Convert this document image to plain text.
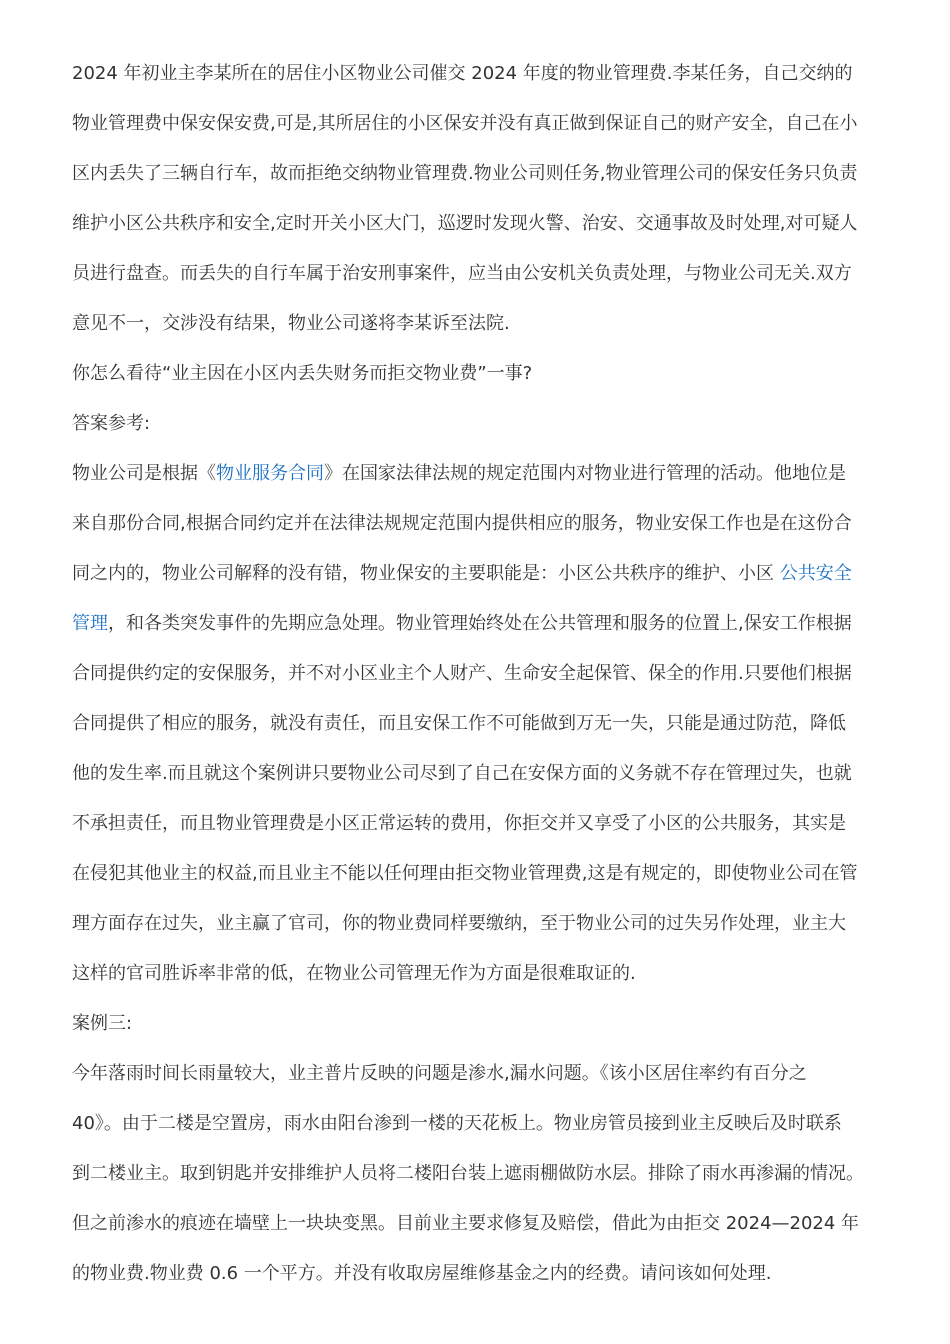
2024 年初业主李某所在的居住小区物业公司催交 2024 年度的物业管理费.李某任务，自己交纳的
物业管理费中保安保安费,可是,其所居住的小区保安并没有真正做到保证自己的财产安全，自己在小
区内丢失了三辆自行车，故而拒绝交纳物业管理费.物业公司则任务,物业管理公司的保安任务只负责
维护小区公共秩序和安全,定时开关小区大门，巡逻时发现火警、治安、交通事故及时处理,对可疑人
员进行盘查。而丢失的自行车属于治安刑事案件，应当由公安机关负责处理，与物业公司无关.双方
意见不一，交涉没有结果，物业公司遂将李某诉至法院.
你怎么看待“业主因在小区内丢失财务而拒交物业费”一事?
答案参考:
物业公司是根据《物业服务合同》在国家法律法规的规定范围内对物业进行管理的活动。他地位是
来自那份合同,根据合同约定并在法律法规规定范围内提供相应的服务，物业安保工作也是在这份合
同之内的，物业公司解释的没有错，物业保安的主要职能是：小区公共秩序的维护、小区 公共安全
管理，和各类突发事件的先期应急处理。物业管理始终处在公共管理和服务的位置上,保安工作根据
合同提供约定的安保服务，并不对小区业主个人财产、生命安全起保管、保全的作用.只要他们根据
合同提供了相应的服务，就没有责任，而且安保工作不可能做到万无一失，只能是通过防范，降低
他的发生率.而且就这个案例讲只要物业公司尽到了自己在安保方面的义务就不存在管理过失，也就
不承担责任，而且物业管理费是小区正常运转的费用，你拒交并又享受了小区的公共服务，其实是
在侵犯其他业主的权益,而且业主不能以任何理由拒交物业管理费,这是有规定的，即使物业公司在管
理方面存在过失，业主赢了官司，你的物业费同样要缴纳，至于物业公司的过失另作处理，业主大
这样的官司胜诉率非常的低，在物业公司管理无作为方面是很难取证的.
案例三:
今年落雨时间长雨量较大，业主普片反映的问题是渗水,漏水问题。《该小区居住率约有百分之
40》。由于二楼是空置房，雨水由阳台渗到一楼的天花板上。物业房管员接到业主反映后及时联系
到二楼业主。取到钥匙并安排维护人员将二楼阳台装上遮雨棚做防水层。排除了雨水再渗漏的情况。
但之前渗水的痕迹在墙壁上一块块变黑。目前业主要求修复及赔偿，借此为由拒交 2024—2024 年
的物业费.物业费 0.6 一个平方。并没有收取房屋维修基金之内的经费。请问该如何处理.
